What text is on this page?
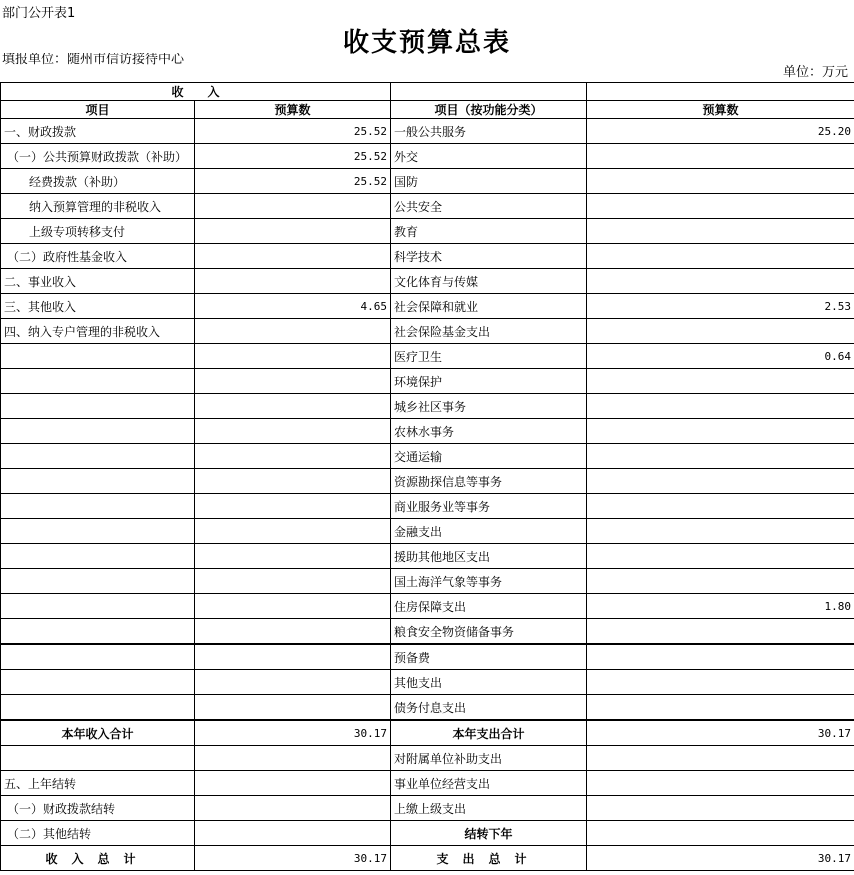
部门公开表1
收支预算总表
填报单位：随州市信访接待中心
单位：万元
收　　入			
项目	预算数	项目（按功能分类）	预算数
一、财政拨款	25.52	一般公共服务	25.20
（一）公共预算财政拨款（补助）	25.52	外交	
经费拨款（补助）	25.52	国防	
纳入预算管理的非税收入		公共安全	
上级专项转移支付		教育	
（二）政府性基金收入		科学技术	
二、事业收入		文化体育与传媒	
三、其他收入	4.65	社会保障和就业	2.53
四、纳入专户管理的非税收入		社会保险基金支出	
		医疗卫生	0.64
		环境保护	
		城乡社区事务	
		农林水事务	
		交通运输	
		资源勘探信息等事务	
		商业服务业等事务	
		金融支出	
		援助其他地区支出	
		国土海洋气象等事务	
		住房保障支出	1.80
		粮食安全物资储备事务	
		预备费	
		其他支出	
		债务付息支出	
本年收入合计	30.17	本年支出合计	30.17
		对附属单位补助支出	
五、上年结转		事业单位经营支出	
（一）财政拨款结转		上缴上级支出	
（二）其他结转		结转下年	
收入总计	30.17	支出总计	30.17
